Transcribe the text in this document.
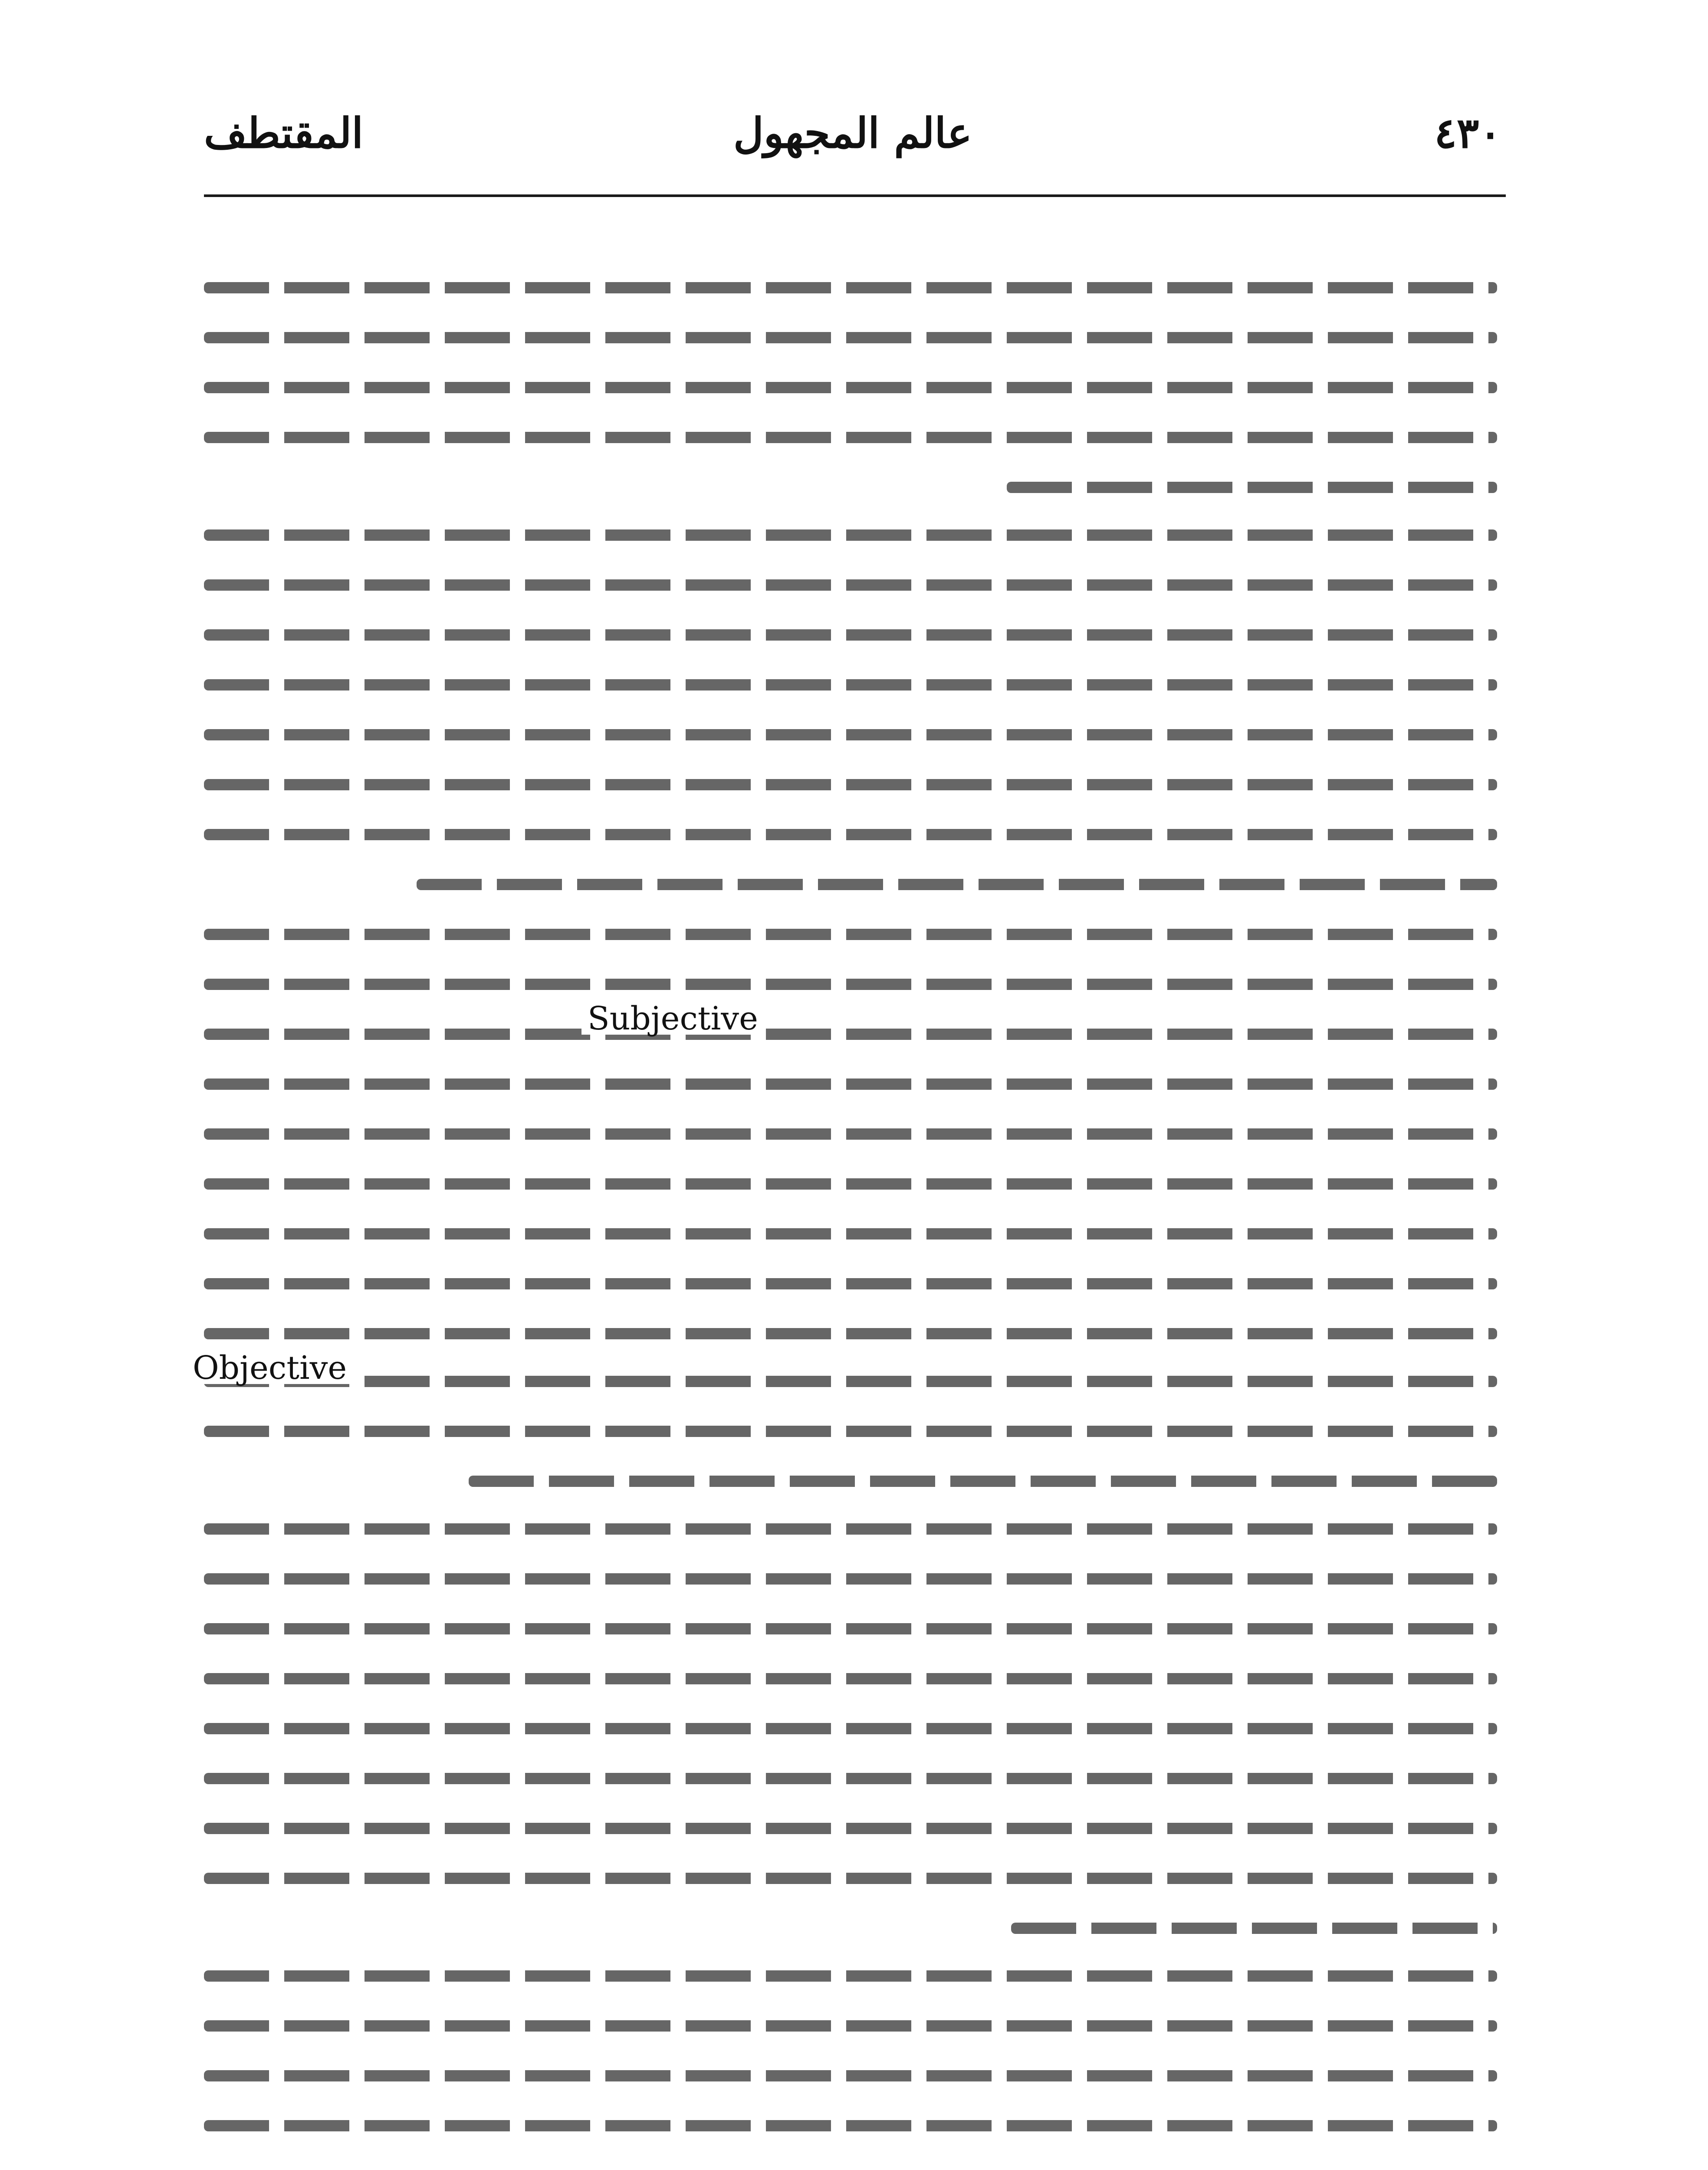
٤٣٠
عالم المجهول
المقتطف
Subjective
Objective
